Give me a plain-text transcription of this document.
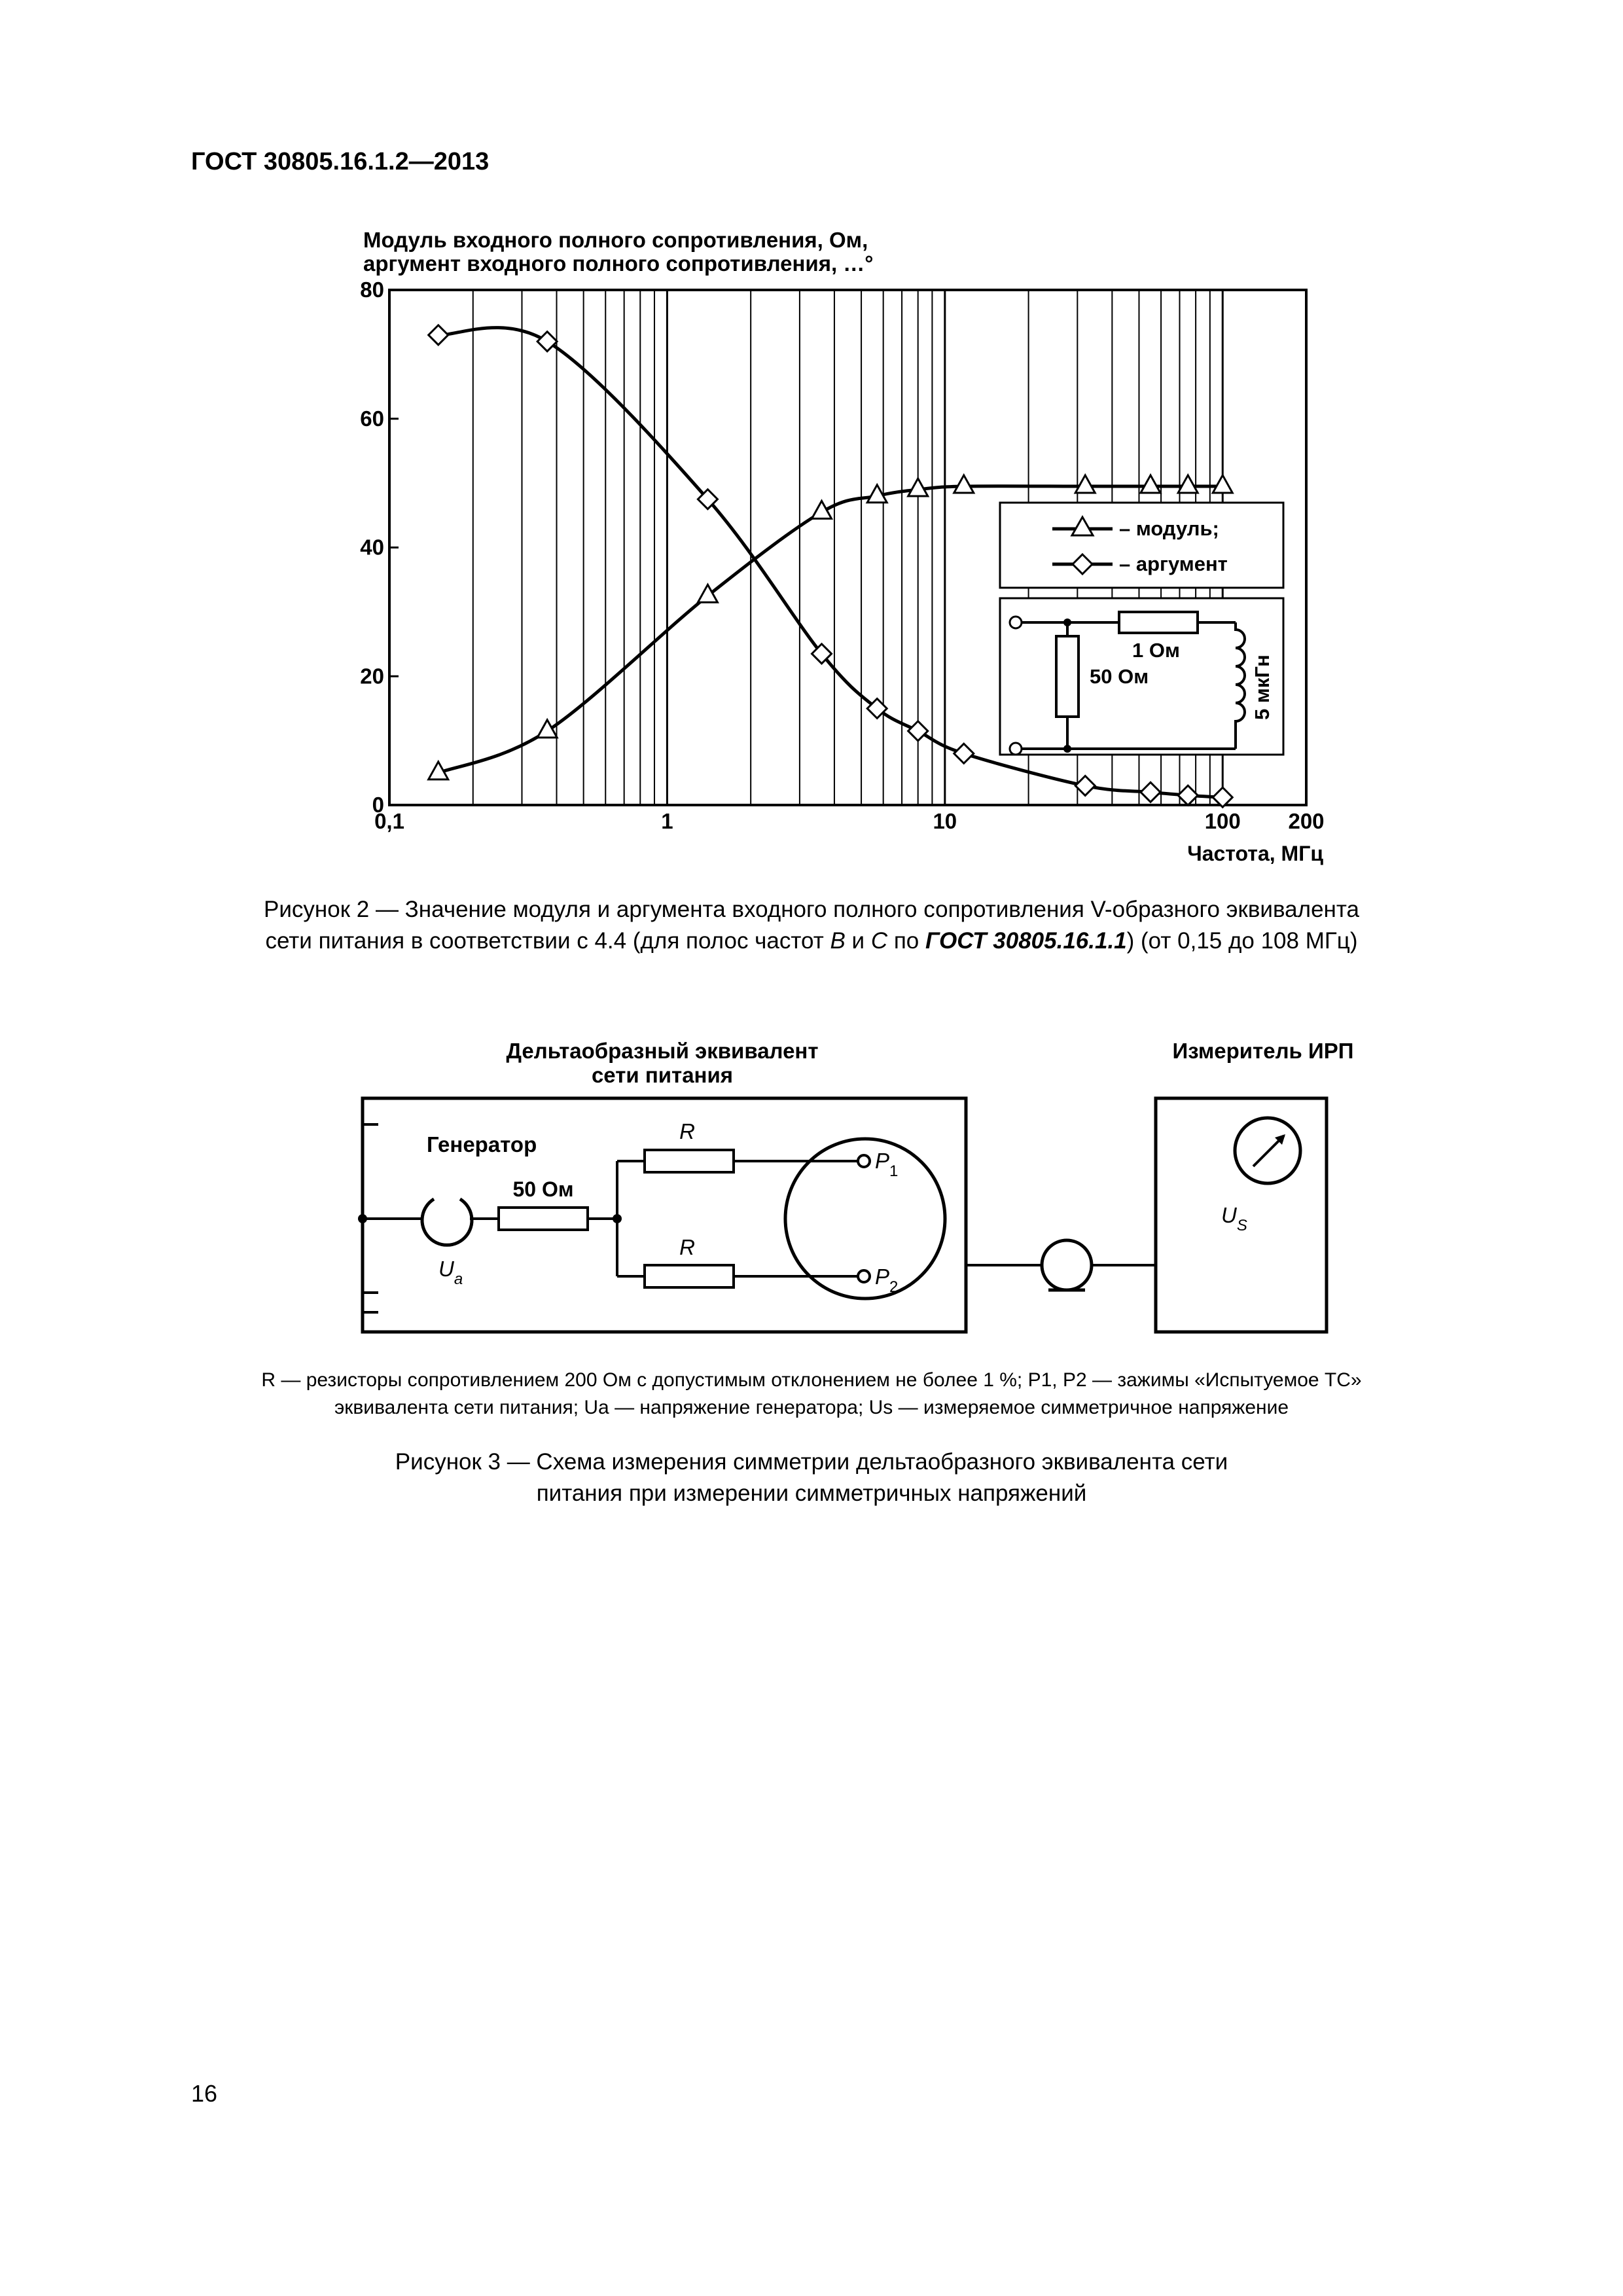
ГОСТ 30805.16.1.2—2013
Модуль входного полного сопротивления, Ом,
аргумент входного полного сопротивления, …°
0
20
40
60
80
0,1	1	10	100 200
Частота, МГц
– модуль;
– аргумент
1 Ом
50 Ом	5 мкГн
Рисунок 2 — Значение модуля и аргумента входного полного сопротивления V-образного эквивалента
сети питания в соответствии с 4.4 (для полос частот B и C по ГОСТ 30805.16.1.1) (от 0,15 до 108 МГц)
Дельтаобразный эквивалент
сети питания
Измеритель ИРП
Генератор
50 Ом
R
R
$P_1$
$P_2$
$U_a$
$U_S$
R — резисторы сопротивлением 200 Ом с допустимым отклонением не более 1 %; P1, P2 — зажимы «Испытуемое ТС»
эквивалента сети питания; Ua — напряжение генератора; Us — измеряемое симметричное напряжение
Рисунок 3 — Схема измерения симметрии дельтаобразного эквивалента сети
питания при измерении симметричных напряжений
16
